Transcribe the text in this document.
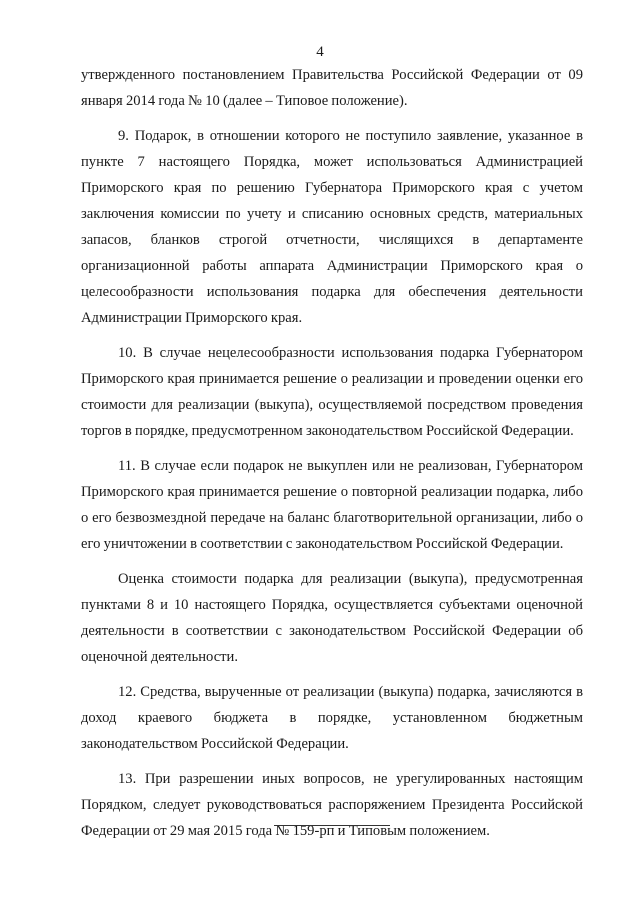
4

утвержденного постановлением Правительства Российской Федерации от 09 января 2014 года № 10 (далее – Типовое положение).

9. Подарок, в отношении которого не поступило заявление, указанное в пункте 7 настоящего Порядка, может использоваться Администрацией Приморского края по решению Губернатора Приморского края с учетом заключения комиссии по учету и списанию основных средств, материальных запасов, бланков строгой отчетности, числящихся в департаменте организационной работы аппарата Администрации Приморского края о целесообразности использования подарка для обеспечения деятельности Администрации Приморского края.

10. В случае нецелесообразности использования подарка Губернатором Приморского края принимается решение о реализации и проведении оценки его стоимости для реализации (выкупа), осуществляемой посредством проведения торгов в порядке, предусмотренном законодательством Российской Федерации.

11. В случае если подарок не выкуплен или не реализован, Губернатором Приморского края принимается решение о повторной реализации подарка, либо о его безвозмездной передаче на баланс благотворительной организации, либо о его уничтожении в соответствии с законодательством Российской Федерации.

Оценка стоимости подарка для реализации (выкупа), предусмотренная пунктами 8 и 10 настоящего Порядка, осуществляется субъектами оценочной деятельности в соответствии с законодательством Российской Федерации об оценочной деятельности.

12. Средства, вырученные от реализации (выкупа) подарка, зачисляются в доход краевого бюджета в порядке, установленном бюджетным законодательством Российской Федерации.

13. При разрешении иных вопросов, не урегулированных настоящим Порядком, следует руководствоваться распоряжением Президента Российской Федерации от 29 мая 2015 года № 159-рп и Типовым положением.
